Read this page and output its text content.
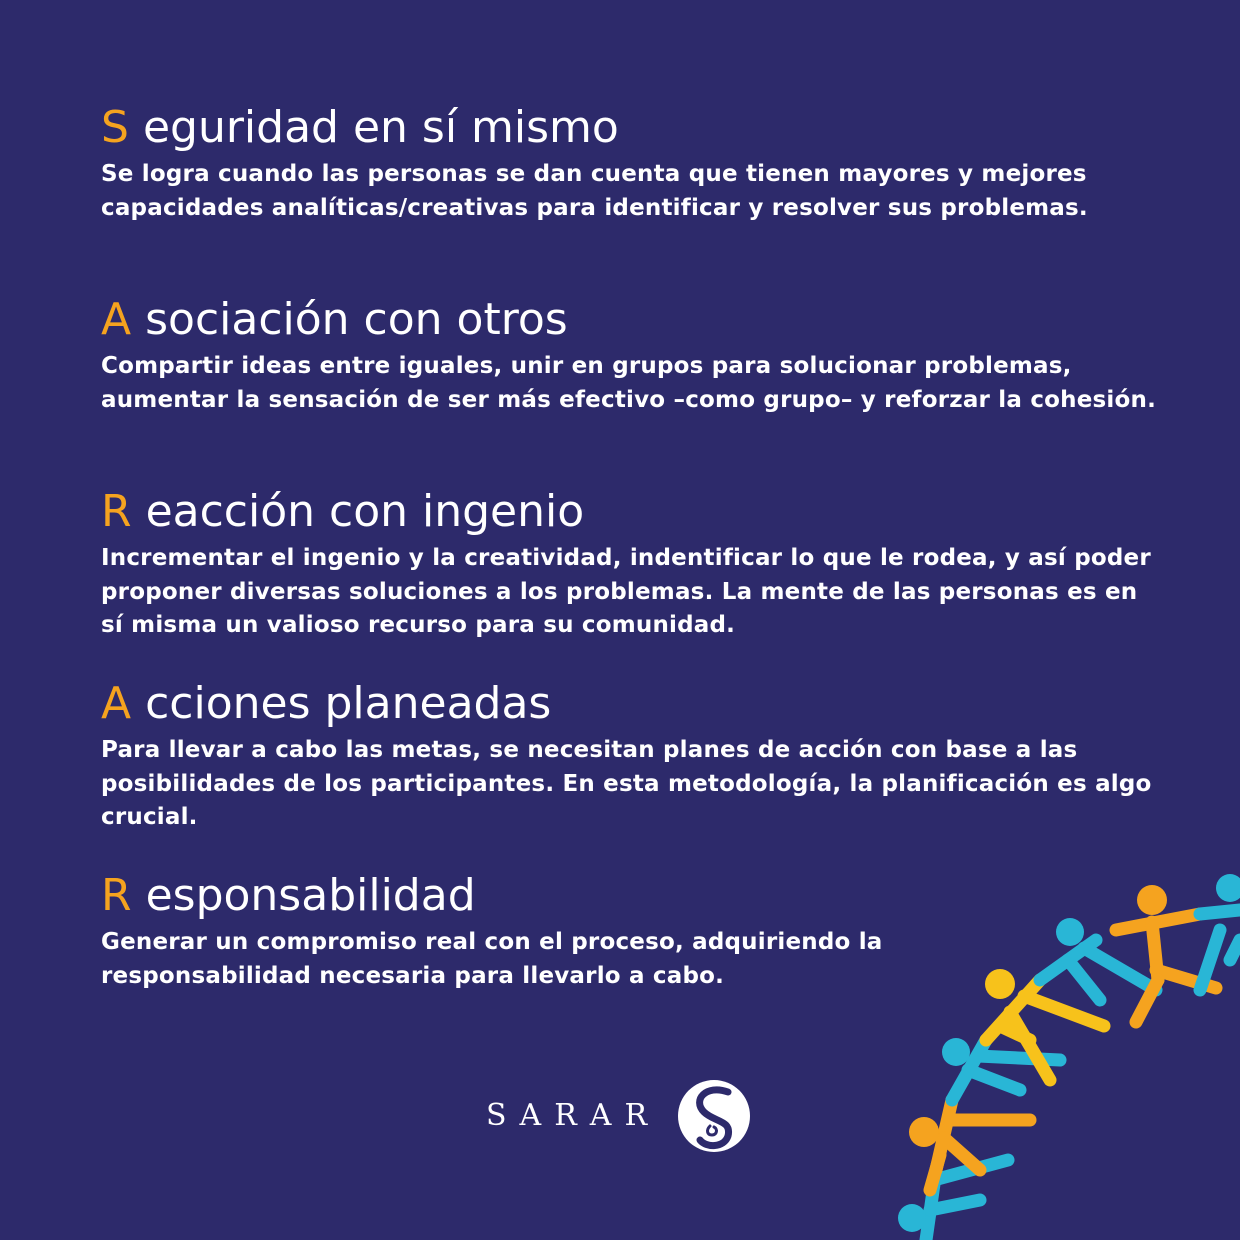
S eguridad en sí mismo

Se logra cuando las personas se dan cuenta que tienen mayores y mejores capacidades analíticas/creativas para identificar y resolver sus problemas.

A sociación con otros

Compartir ideas entre iguales, unir en grupos para solucionar problemas, aumentar la sensación de ser más efectivo –como grupo– y reforzar la cohesión.

R eacción con ingenio

Incrementar el ingenio y la creatividad, indentificar lo que le rodea, y así poder proponer diversas soluciones a los problemas. La mente de las personas es en sí misma un valioso recurso para su comunidad.

A cciones planeadas

Para llevar a cabo las metas, se necesitan planes de acción con base a las posibilidades de los participantes. En esta metodología, la planificación es algo crucial.

R esponsabilidad

Generar un compromiso real con el proceso, adquiriendo la responsabilidad necesaria para llevarlo a cabo.

SARAR
